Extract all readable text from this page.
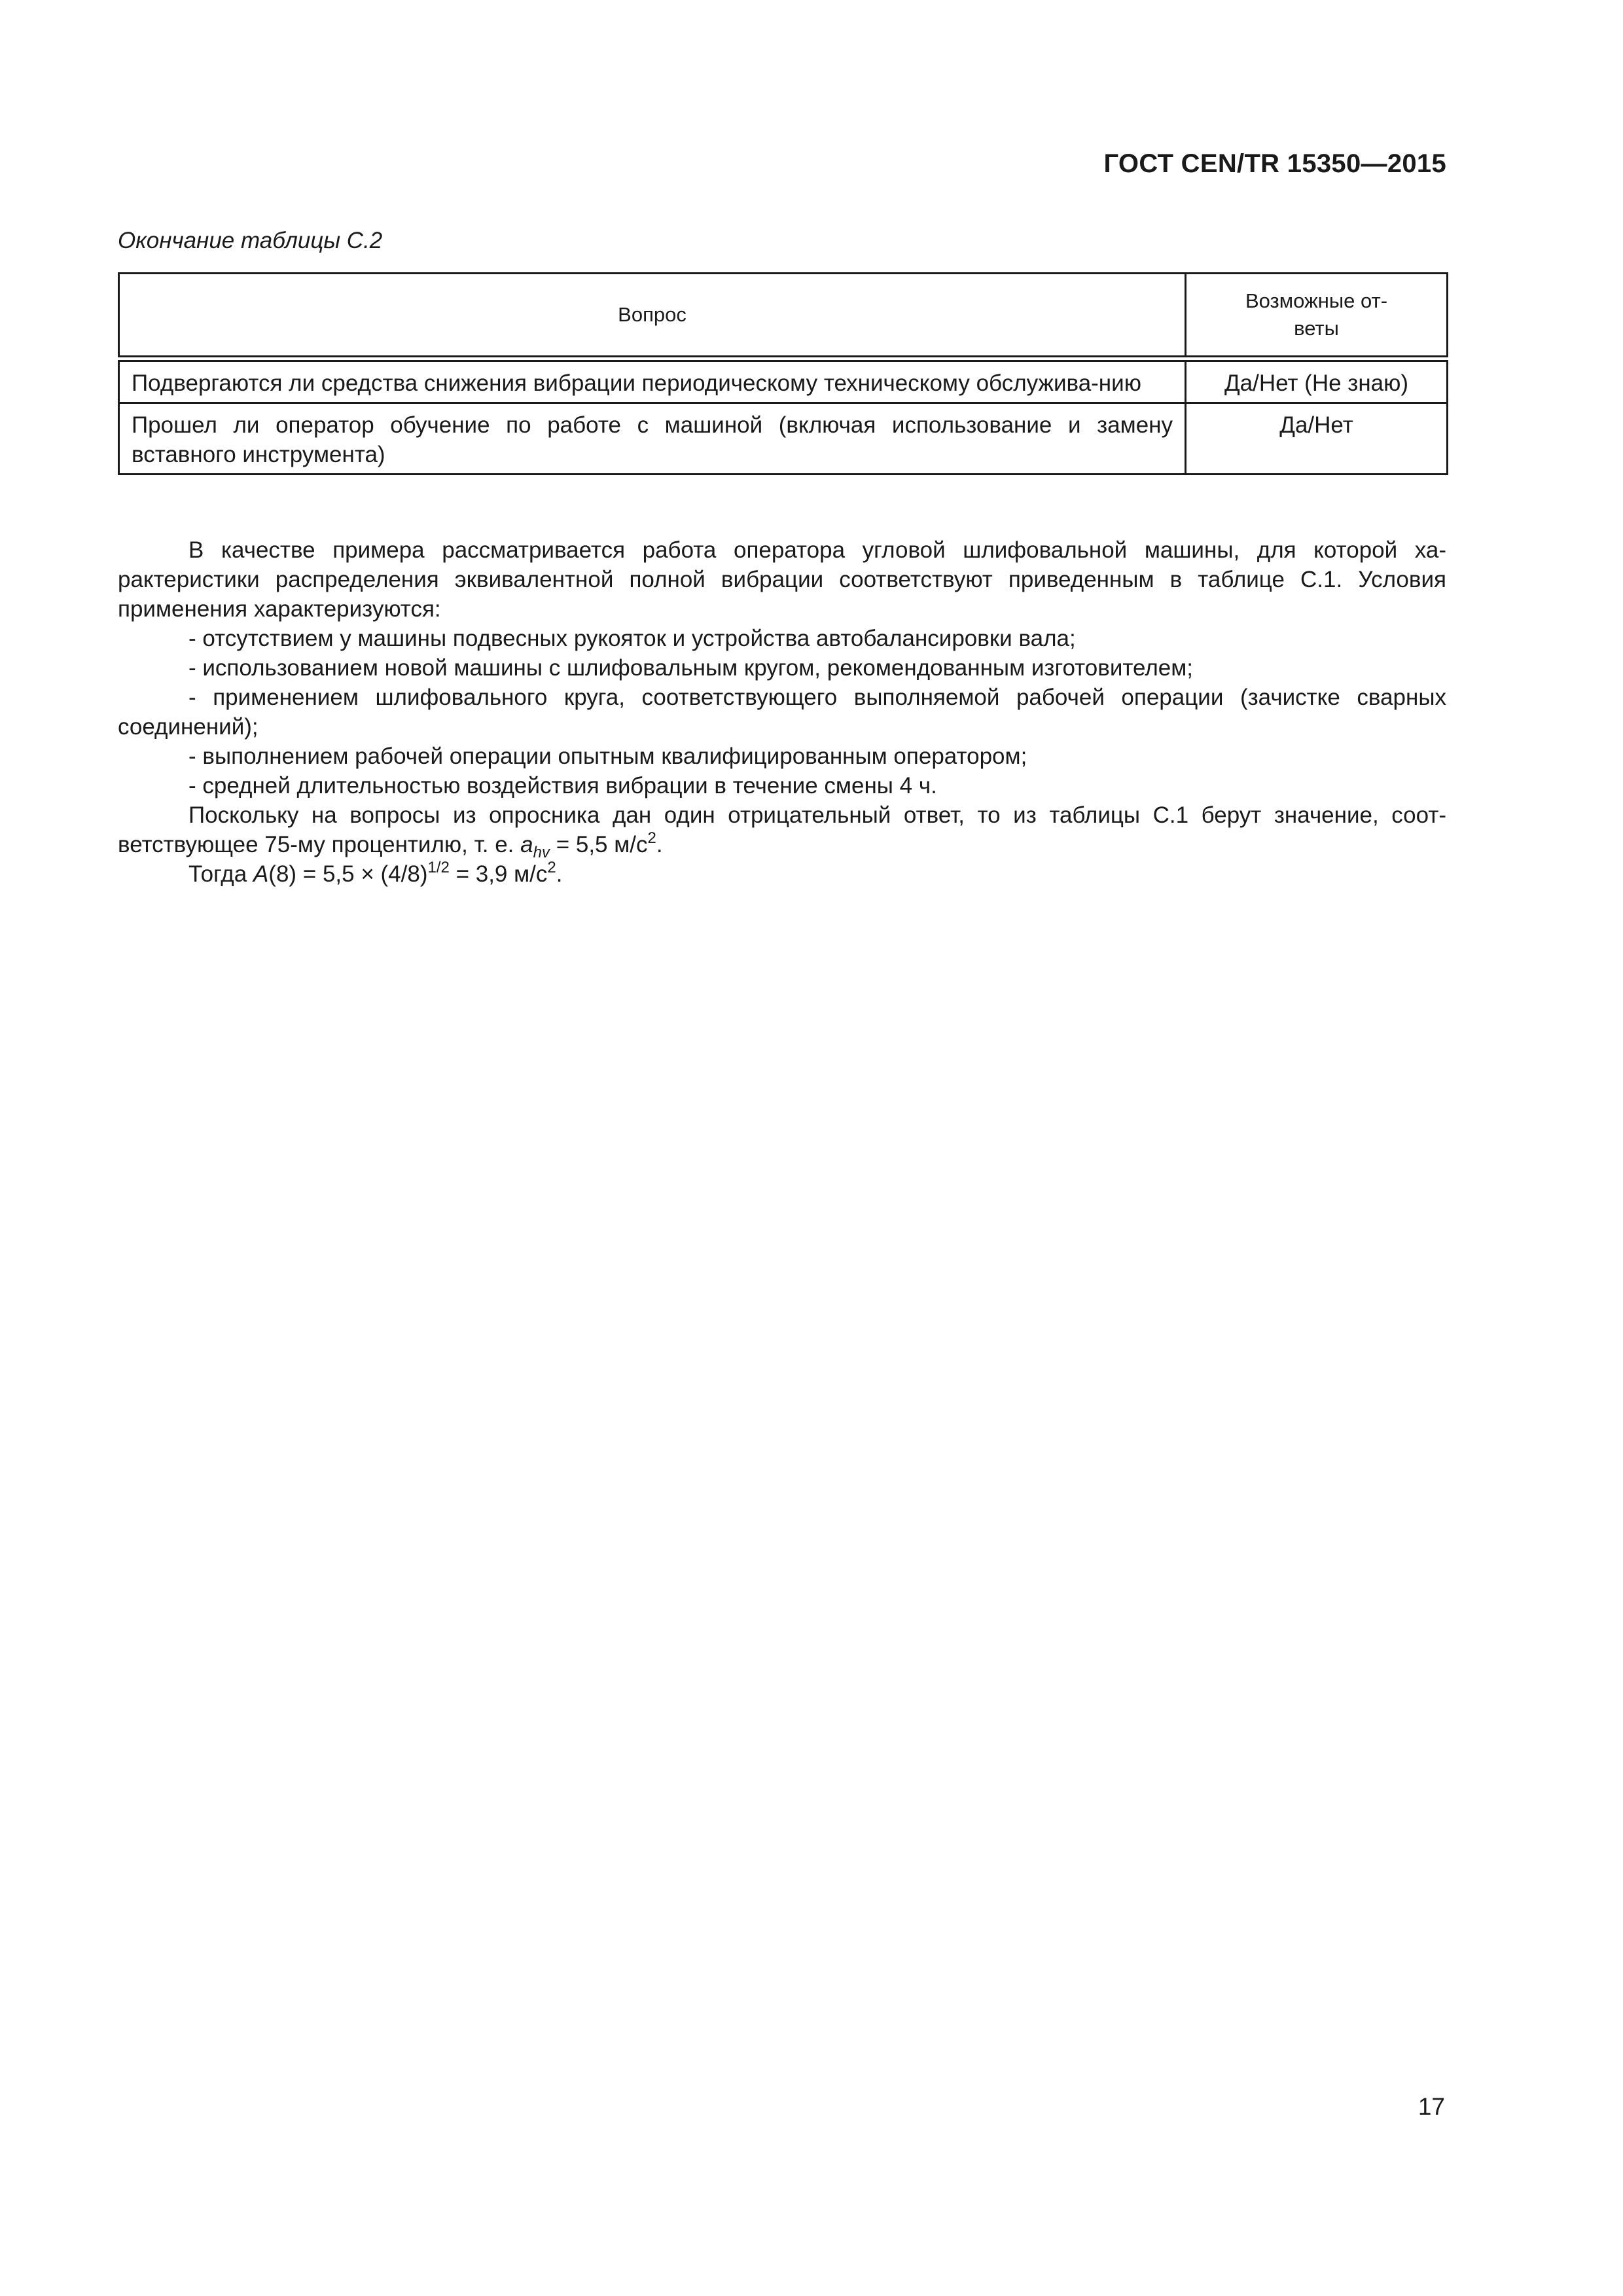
ГОСТ CEN/TR 15350—2015
Окончание таблицы С.2
Вопрос	Возможные от-
веты
Подвергаются ли средства снижения вибрации периодическому техническому обслужива-нию	Да/Нет (Не знаю)
Прошел ли оператор обучение по работе с машиной (включая использование и замену вставного инструмента)	Да/Нет

В качестве примера рассматривается работа оператора угловой шлифовальной машины, для которой ха-рактеристики распределения эквивалентной полной вибрации соответствуют приведенным в таблице С.1. Условия применения характеризуются:

- отсутствием у машины подвесных рукояток и устройства автобалансировки вала;

- использованием новой машины с шлифовальным кругом, рекомендованным изготовителем;

- применением шлифовального круга, соответствующего выполняемой рабочей операции (зачистке сварных соединений);

- выполнением рабочей операции опытным квалифицированным оператором;

- средней длительностью воздействия вибрации в течение смены 4 ч.

Поскольку на вопросы из опросника дан один отрицательный ответ, то из таблицы С.1 берут значение, соот-ветствующее 75-му процентилю, т. е. $a_{hv} = 5,5$ $м/с^2$.

Тогда $A(8) = 5,5 \times (4/8)^{1/2} = 3,9$ $м/с^2$.

17
